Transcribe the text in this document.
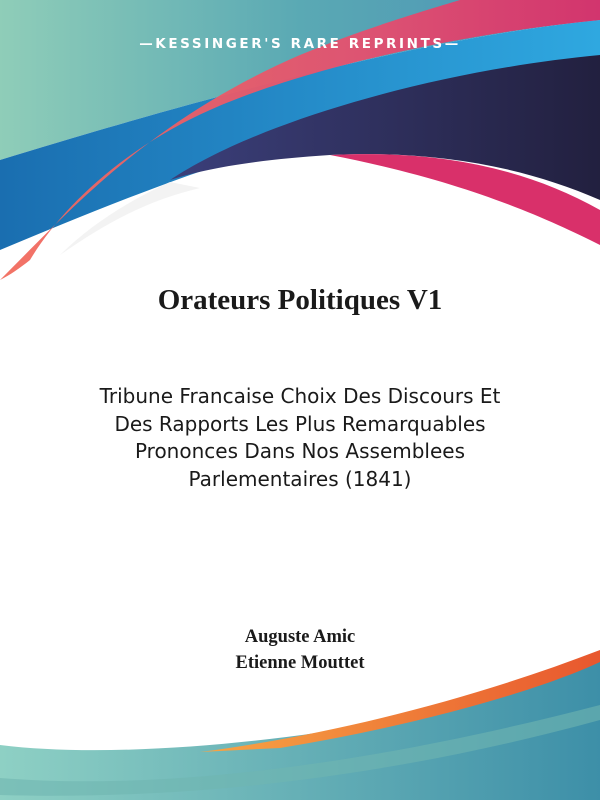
—KESSINGER'S RARE REPRINTS—
Orateurs Politiques V1

Tribune Francaise Choix Des Discours Et Des Rapports Les Plus Remarquables Prononces Dans Nos Assemblees Parlementaires (1841)

Auguste Amic
Etienne Mouttet
